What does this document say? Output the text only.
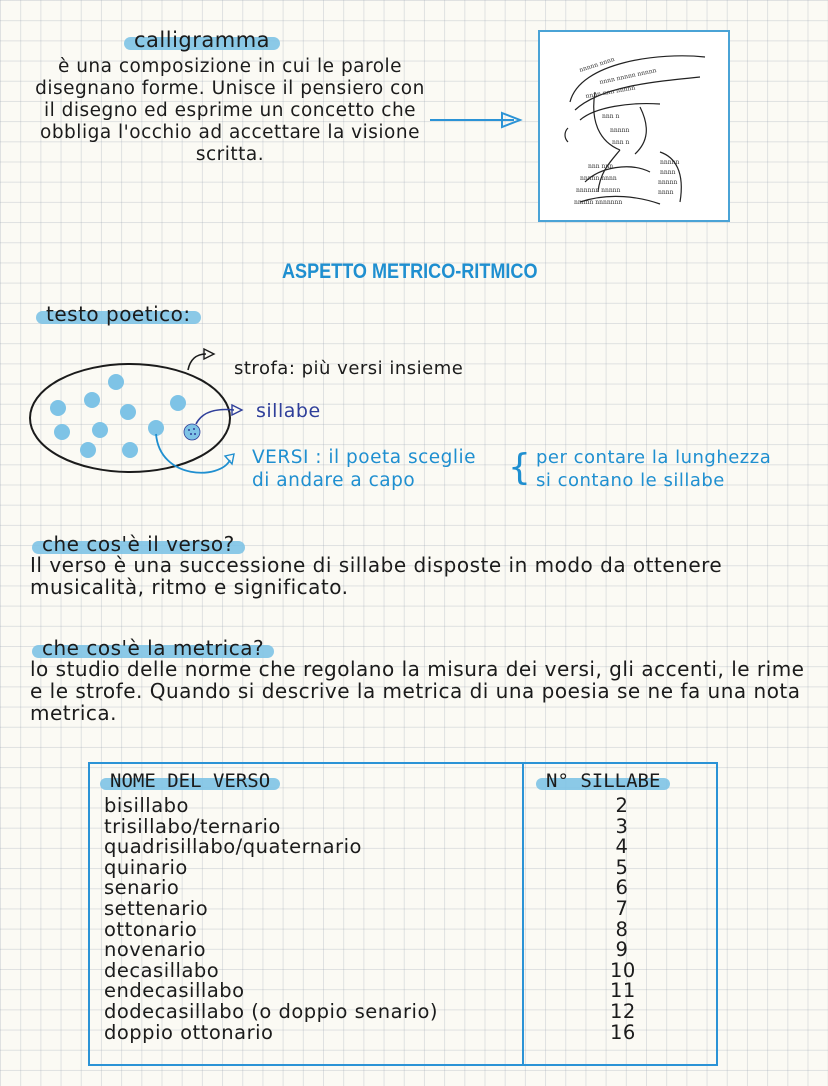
calligramma
è una composizione in cui le parole disegnano forme. Unisce il pensiero con il disegno ed esprime un concetto che obbliga l'occhio ad accettare la visione scritta.
nnnnn nnnn
nnnn nnnnn nnnnn
nnnn nnn nnnnn
nnn n
nnnnn
nnn n
nnn nnn
nnnnn nnnn
nnnnnn nnnnn
nnnnn nnnnnnn
nnnnn
nnnn
nnnnn
nnnn
ASPETTO METRICO-RITMICO
testo poetico:
strofa: più versi insieme
sillabe
VERSI : il poeta sceglie
di andare a capo	{ per contare la lunghezza
si contano le sillabe
che cos'è il verso?
Il verso è una successione di sillabe disposte in modo da ottenere musicalità, ritmo e significato.
che cos'è la metrica?
lo studio delle norme che regolano la misura dei versi, gli accenti, le rime e le strofe. Quando si descrive la metrica di una poesia se ne fa una nota metrica.
NOME DEL VERSO	N° SILLABE
bisillabo
trisillabo/ternario
quadrisillabo/quaternario
quinario
senario
settenario
ottonario
novenario
decasillabo
endecasillabo
dodecasillabo (o doppio senario)
doppio ottonario
2
3
4
5
6
7
8
9
10
11
12
16
